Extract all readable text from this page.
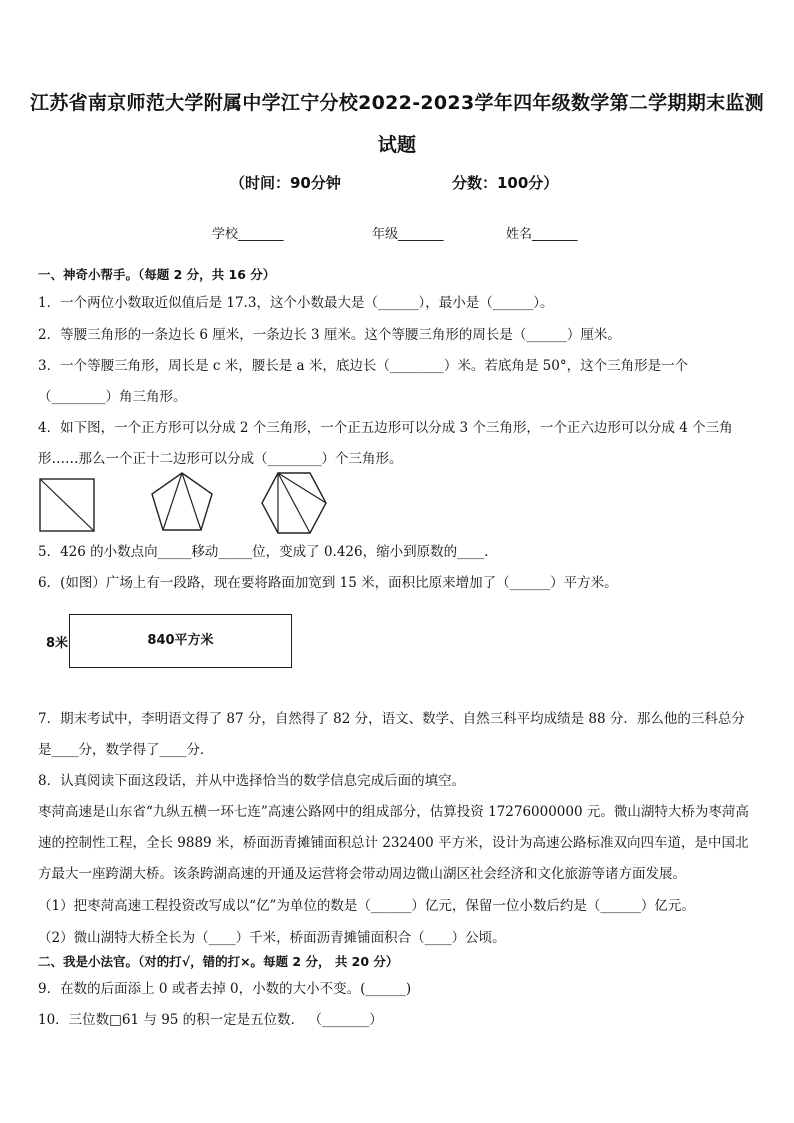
江苏省南京师范大学附属中学江宁分校2022-2023学年四年级数学第二学期期末监测
试题
（时间：90分钟	分数：100分）
学校_______	年级_______	姓名_______
一、神奇小帮手。（每题 2 分，共 16 分）
1．一个两位小数取近似值后是 17.3，这个小数最大是（______），最小是（______）。
2．等腰三角形的一条边长 6 厘米，一条边长 3 厘米。这个等腰三角形的周长是（______）厘米。
3．一个等腰三角形，周长是 c 米，腰长是 a 米，底边长（________）米。若底角是 50°，这个三角形是一个
（________）角三角形。
4．如下图，一个正方形可以分成 2 个三角形，一个正五边形可以分成 3 个三角形，一个正六边形可以分成 4 个三角
形……那么一个正十二边形可以分成（________）个三角形。
5．426 的小数点向_____移动_____位，变成了 0.426，缩小到原数的____.
6．(如图）广场上有一段路，现在要将路面加宽到 15 米，面积比原来增加了（______）平方米。
8米	840平方米
7．期末考试中，李明语文得了 87 分，自然得了 82 分，语文、数学、自然三科平均成绩是 88 分．那么他的三科总分
是____分，数学得了____分．
8．认真阅读下面这段话，并从中选择恰当的数学信息完成后面的填空。
枣菏高速是山东省“九纵五横一环七连”高速公路网中的组成部分，估算投资 17276000000 元。微山湖特大桥为枣菏高
速的控制性工程，全长 9889 米，桥面沥青摊铺面积总计 232400 平方米，设计为高速公路标准双向四车道，是中国北
方最大一座跨湖大桥。该条跨湖高速的开通及运营将会带动周边微山湖区社会经济和文化旅游等诸方面发展。
（1）把枣菏高速工程投资改写成以“亿”为单位的数是（______）亿元，保留一位小数后约是（______）亿元。
（2）微山湖特大桥全长为（____）千米，桥面沥青摊铺面积合（____）公顷。
二、我是小法官。（对的打√，错的打×。每题 2 分， 共 20 分）
9．在数的后面添上 0 或者去掉 0，小数的大小不变。(______)
10．三位数□61 与 95 的积一定是五位数． （_______）
